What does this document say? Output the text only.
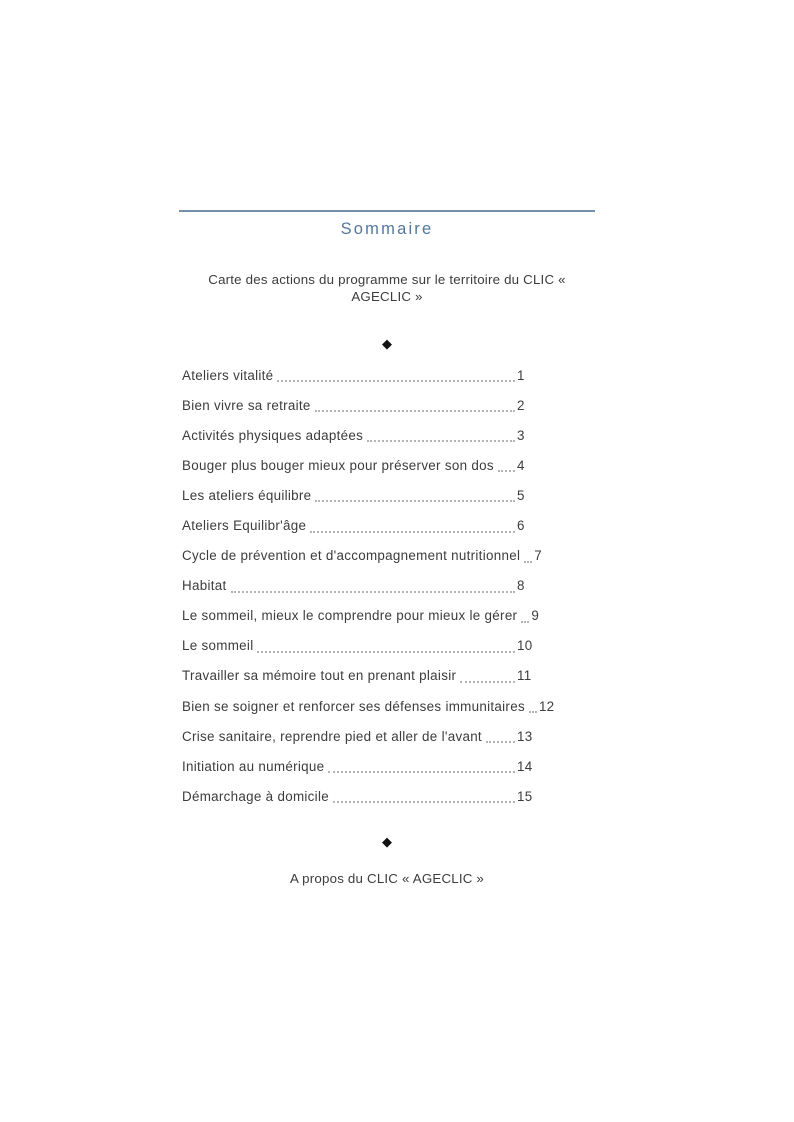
Sommaire
Carte des actions du programme sur le territoire du CLIC « AGECLIC »
◆
Ateliers vitalité	1
Bien vivre sa retraite	2
Activités physiques adaptées	3
Bouger plus bouger mieux pour préserver son dos 4
Les ateliers équilibre	5
Ateliers Equilibr'âge	6
Cycle de prévention et d'accompagnement nutritionnel 7
Habitat	8
Le sommeil, mieux le comprendre pour mieux le gérer 9
Le sommeil	10
Travailler sa mémoire tout en prenant plaisir	11
Bien se soigner et renforcer ses défenses immunitaires 12
Crise sanitaire, reprendre pied et aller de l'avant	13
Initiation au numérique	14
Démarchage à domicile	15
◆
A propos du CLIC « AGECLIC »
